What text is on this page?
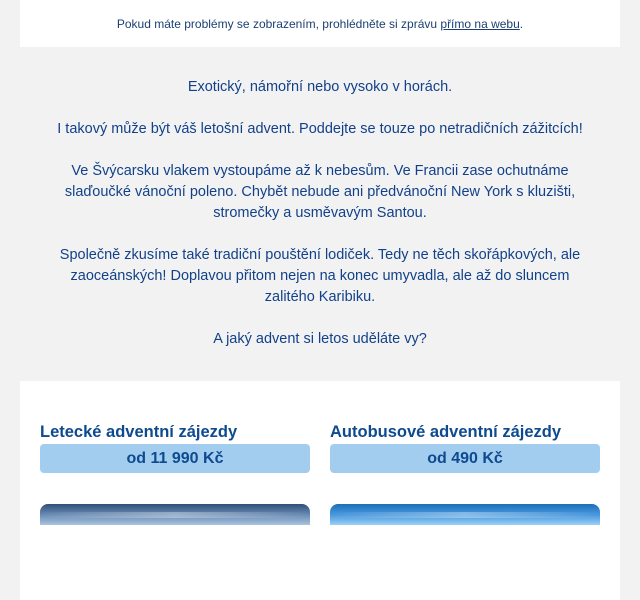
Pokud máte problémy se zobrazením, prohlédněte si zprávu
přímo na webu .

Exotický, námořní nebo vysoko v horách.

I takový může být váš letošní advent. Poddejte se touze po netradičních zážitcích!

Ve Švýcarsku vlakem vystoupáme až k nebesům. Ve Francii zase ochutnáme slaďoučké vánoční poleno. Chybět nebude ani předvánoční New York s kluzišti, stromečky a usměvavým Santou.

Společně zkusíme také tradiční pouštění lodiček. Tedy ne těch skořápkových, ale zaoceánských! Doplavou přitom nejen na konec umyvadla, ale až do sluncem zalitého Karibiku.

A jaký advent si letos uděláte vy?

Letecké adventní zájezdy
od 11 990 Kč
Autobusové adventní zájezdy
od 490 Kč
